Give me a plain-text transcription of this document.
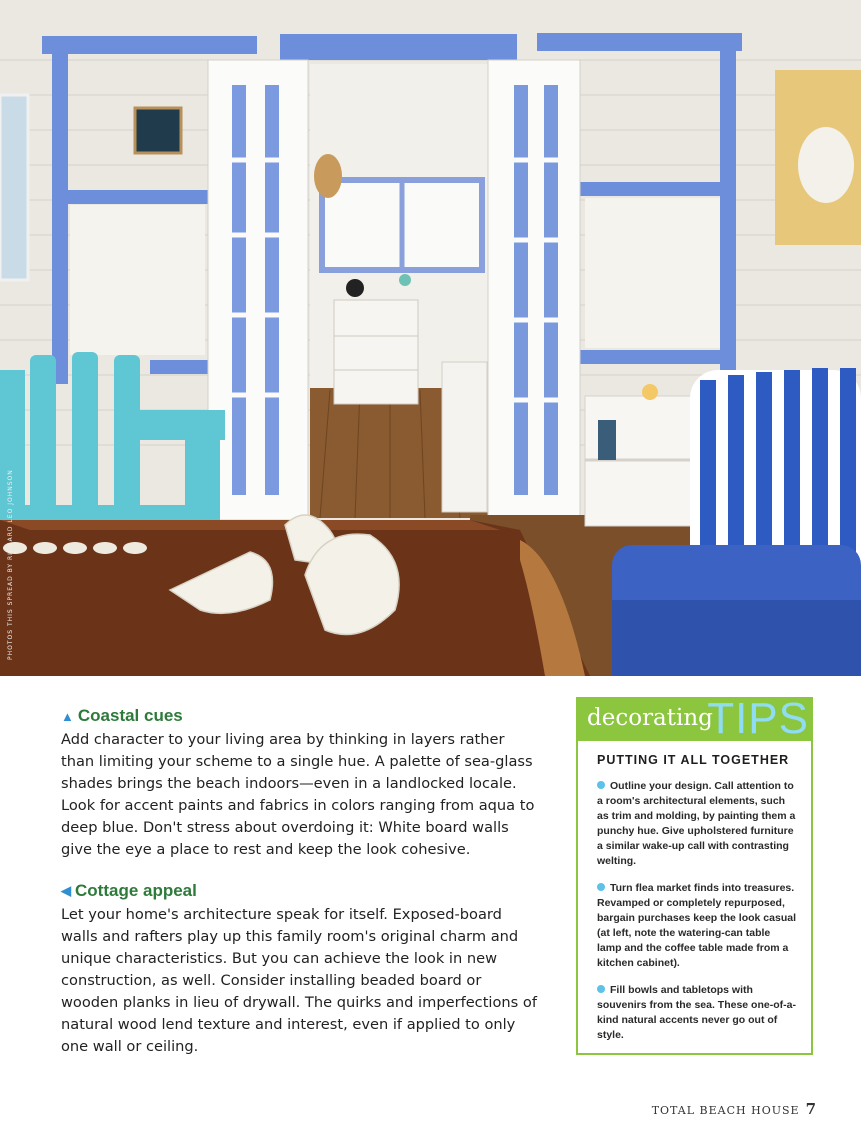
PHOTOS THIS SPREAD BY RICHARD LEO JOHNSON
▲ Coastal cues

Add character to your living area by thinking in layers rather than limiting your scheme to a single hue. A palette of sea-glass shades brings the beach indoors—even in a landlocked locale. Look for accent paints and fabrics in colors ranging from aqua to deep blue. Don't stress about overdoing it: White board walls give the eye a place to rest and keep the look cohesive.

◀ Cottage appeal

Let your home's architecture speak for itself. Exposed-board walls and rafters play up this family room's original charm and unique characteristics. But you can achieve the look in new construction, as well. Consider installing beaded board or wooden planks in lieu of drywall. The quirks and imperfections of natural wood lend texture and interest, even if applied to only one wall or ceiling.

TIPS
decorating
PUTTING IT ALL TOGETHER
Outline your design. Call attention to a room's architectural elements, such as trim and molding, by painting them a punchy hue. Give upholstered furniture a similar wake-up call with contrasting welting.
Turn flea market finds into treasures. Revamped or completely repurposed, bargain purchases keep the look casual (at left, note the watering-can table lamp and the coffee table made from a kitchen cabinet).
Fill bowls and tabletops with souvenirs from the sea. These one-of-a-kind natural accents never go out of style.
TOTAL BEACH HOUSE 7
